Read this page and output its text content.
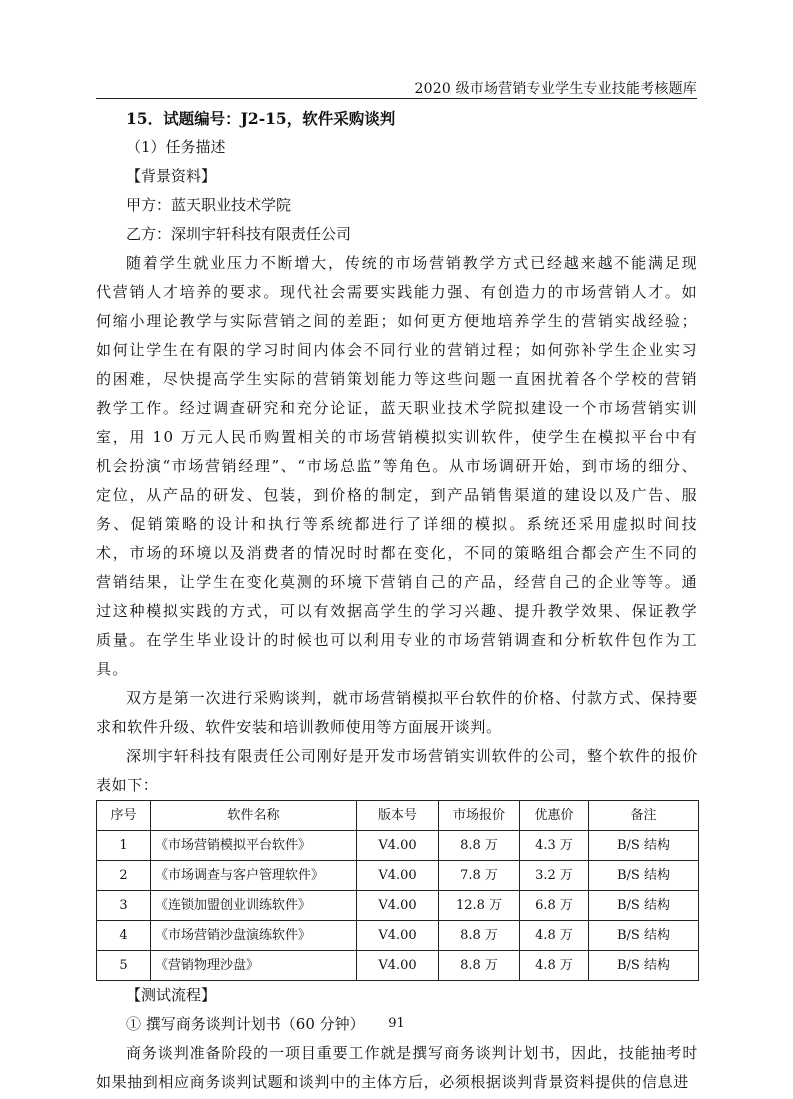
2020 级市场营销专业学生专业技能考核题库

15．试题编号：J2-15，软件采购谈判

（1）任务描述

【背景资料】

甲方：蓝天职业技术学院

乙方：深圳宇轩科技有限责任公司

随着学生就业压力不断增大，传统的市场营销教学方式已经越来越不能满足现代营销人才培养的要求。现代社会需要实践能力强、有创造力的市场营销人才。如何缩小理论教学与实际营销之间的差距；如何更方便地培养学生的营销实战经验；如何让学生在有限的学习时间内体会不同行业的营销过程；如何弥补学生企业实习的困难，尽快提高学生实际的营销策划能力等这些问题一直困扰着各个学校的营销教学工作。经过调查研究和充分论证，蓝天职业技术学院拟建设一个市场营销实训室，用 10 万元人民币购置相关的市场营销模拟实训软件，使学生在模拟平台中有机会扮演“市场营销经理”、“市场总监”等角色。从市场调研开始，到市场的细分、定位，从产品的研发、包装，到价格的制定，到产品销售渠道的建设以及广告、服务、促销策略的设计和执行等系统都进行了详细的模拟。系统还采用虚拟时间技术，市场的环境以及消费者的情况时时都在变化，不同的策略组合都会产生不同的营销结果，让学生在变化莫测的环境下营销自己的产品，经营自己的企业等等。通过这种模拟实践的方式，可以有效据高学生的学习兴趣、提升教学效果、保证教学质量。在学生毕业设计的时候也可以利用专业的市场营销调查和分析软件包作为工具。

双方是第一次进行采购谈判，就市场营销模拟平台软件的价格、付款方式、保持要求和软件升级、软件安装和培训教师使用等方面展开谈判。

深圳宇轩科技有限责任公司刚好是开发市场营销实训软件的公司，整个软件的报价表如下：

序号	软件名称	版本号	市场报价	优惠价	备注
1	《市场营销模拟平台软件》	V4.00	8.8 万	4.3 万	B/S 结构
2	《市场调查与客户管理软件》	V4.00	7.8 万	3.2 万	B/S 结构
3	《连锁加盟创业训练软件》	V4.00	12.8 万	6.8 万	B/S 结构
4	《市场营销沙盘演练软件》	V4.00	8.8 万	4.8 万	B/S 结构
5	《营销物理沙盘》	V4.00	8.8 万	4.8 万	B/S 结构

【测试流程】

① 撰写商务谈判计划书（60 分钟）

商务谈判准备阶段的一项目重要工作就是撰写商务谈判计划书，因此，技能抽考时如果抽到相应商务谈判试题和谈判中的主体方后，必须根据谈判背景资料提供的信息进

91
